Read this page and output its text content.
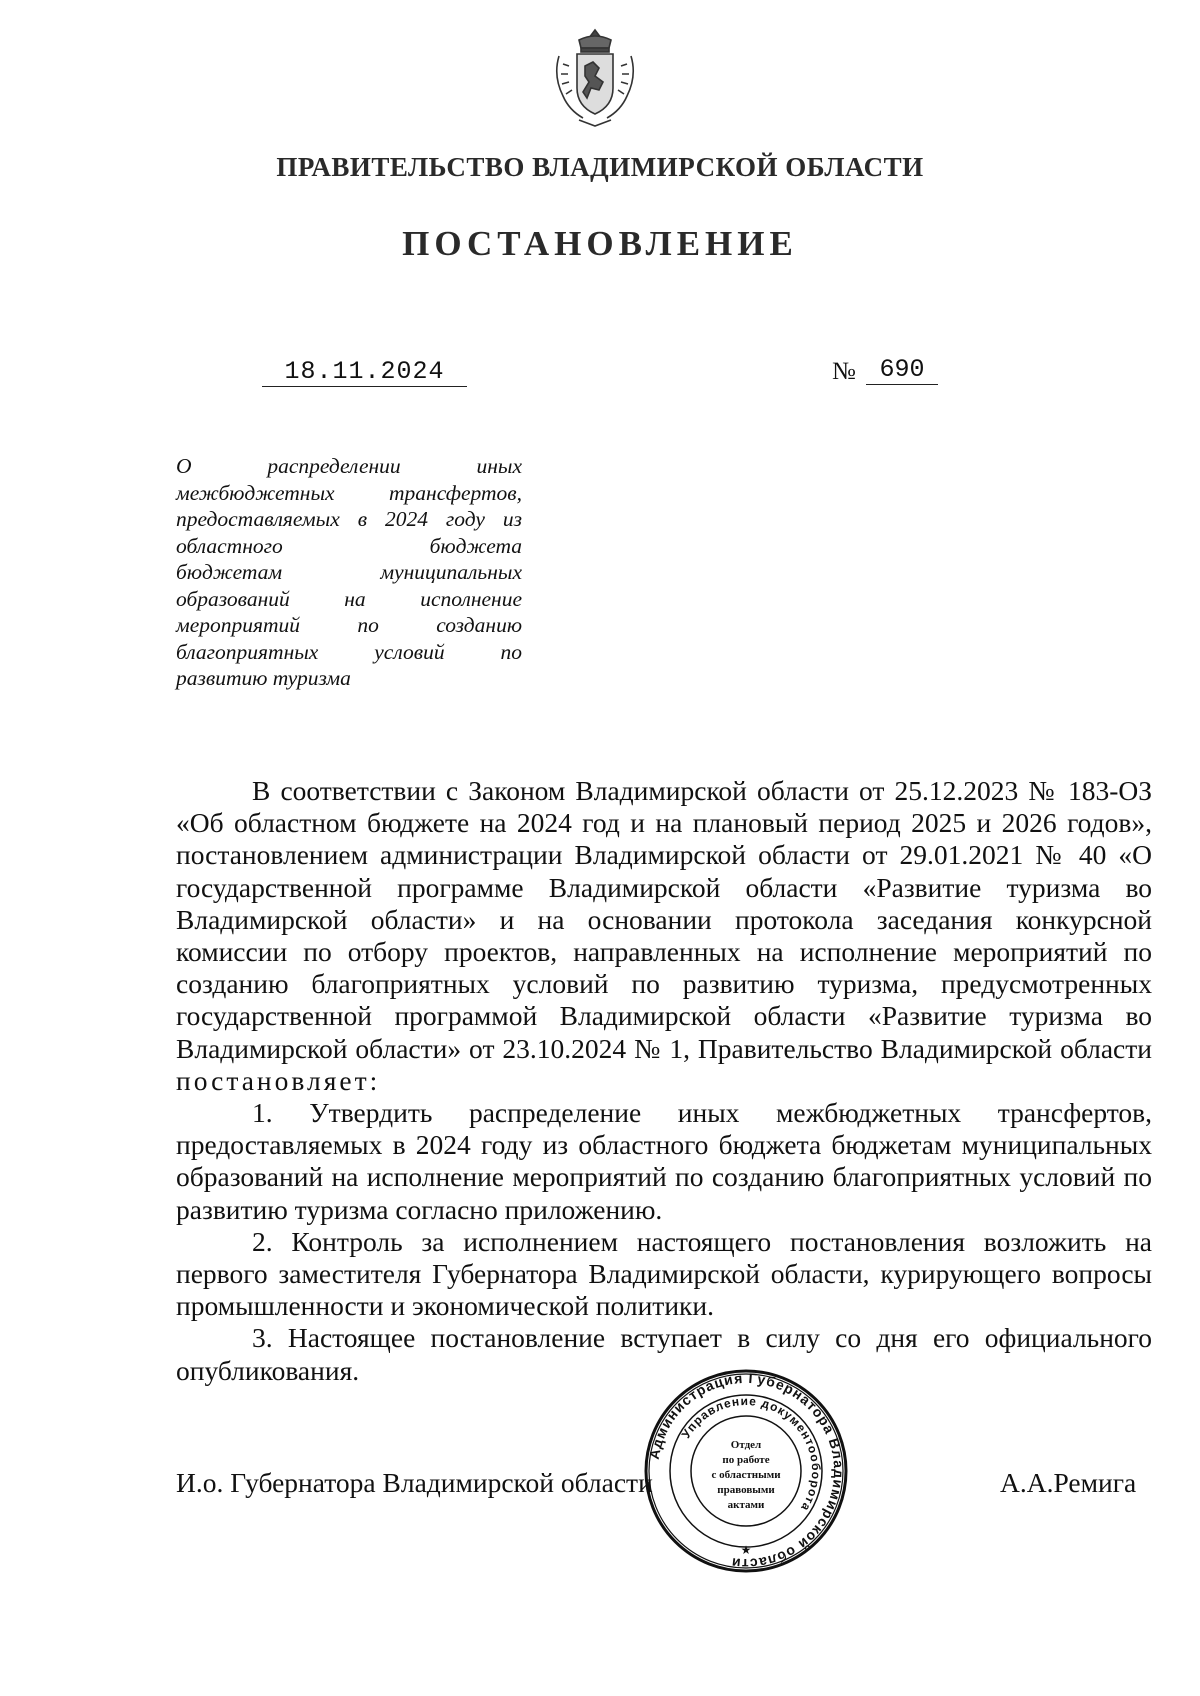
ПРАВИТЕЛЬСТВО ВЛАДИМИРСКОЙ ОБЛАСТИ
ПОСТАНОВЛЕНИЕ
18.11.2024	№ 690
О распределении иных
межбюджетных трансфертов,
предоставляемых в 2024 году из
областного бюджета
бюджетам муниципальных
образований на исполнение
мероприятий по созданию
благоприятных условий по
развитию туризма

В соответствии с Законом Владимирской области от 25.12.2023 № 183-ОЗ «Об областном бюджете на 2024 год и на плановый период 2025 и 2026 годов», постановлением администрации Владимирской области от 29.01.2021 № 40 «О государственной программе Владимирской области «Развитие туризма во Владимирской области» и на основании протокола заседания конкурсной комиссии по отбору проектов, направленных на исполнение мероприятий по созданию благоприятных условий по развитию туризма, предусмотренных государственной программой Владимирской области «Развитие туризма во Владимирской области» от 23.10.2024 № 1, Правительство Владимирской области постановляет:

1. Утвердить распределение иных межбюджетных трансфертов, предоставляемых в 2024 году из областного бюджета бюджетам муниципальных образований на исполнение мероприятий по созданию благоприятных условий по развитию туризма согласно приложению.

2. Контроль за исполнением настоящего постановления возложить на первого заместителя Губернатора Владимирской области, курирующего вопросы промышленности и экономической политики.

3. Настоящее постановление вступает в силу со дня его официального опубликования.

И.о. Губернатора Владимирской области	А.А.Ремига
Администрация Губернатора Владимирской области
Управление документооборота
Отдел
по работе
с областными
правовыми
актами
★
